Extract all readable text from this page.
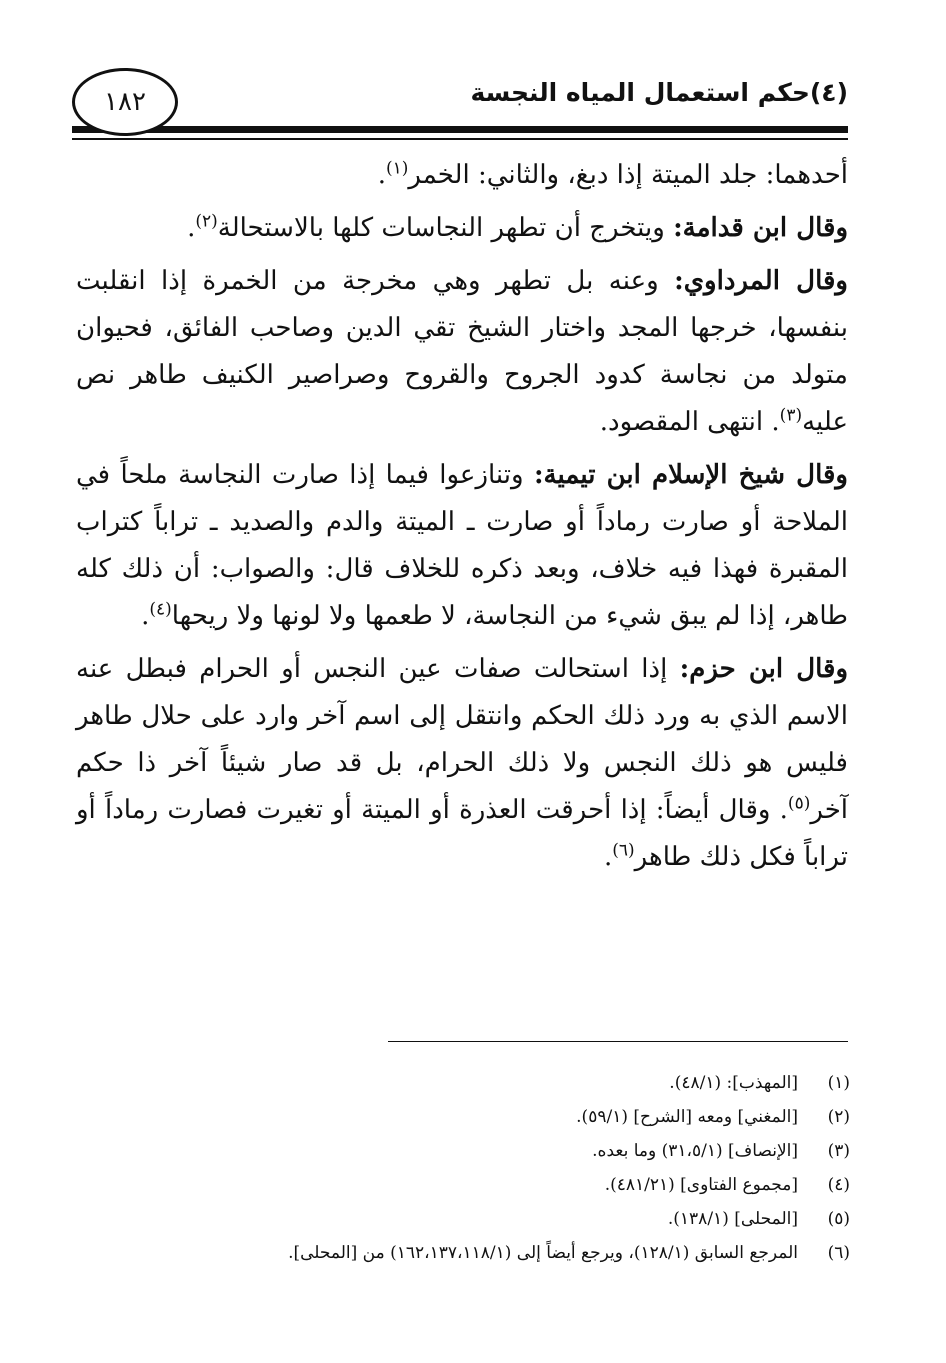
(٤)حكم استعمال المياه النجسة
١٨٢

أحدهما: جلد الميتة إذا دبغ، والثاني: الخمر$^{(١)}$.

وقال ابن قدامة: ويتخرج أن تطهر النجاسات كلها بالاستحالة$^{(٢)}$.

وقال المرداوي: وعنه بل تطهر وهي مخرجة من الخمرة إذا انقلبت بنفسها، خرجها المجد واختار الشيخ تقي الدين وصاحب الفائق، فحيوان متولد من نجاسة كدود الجروح والقروح وصراصير الكنيف طاهر نص عليه$^{(٣)}$. انتهى المقصود.

وقال شيخ الإسلام ابن تيمية: وتنازعوا فيما إذا صارت النجاسة ملحاً في الملاحة أو صارت رماداً أو صارت ـ الميتة والدم والصديد ـ تراباً كتراب المقبرة فهذا فيه خلاف، وبعد ذكره للخلاف قال: والصواب: أن ذلك كله طاهر، إذا لم يبق شيء من النجاسة، لا طعمها ولا لونها ولا ريحها$^{(٤)}$.

وقال ابن حزم: إذا استحالت صفات عين النجس أو الحرام فبطل عنه الاسم الذي به ورد ذلك الحكم وانتقل إلى اسم آخر وارد على حلال طاهر فليس هو ذلك النجس ولا ذلك الحرام، بل قد صار شيئاً آخر ذا حكم آخر$^{(٥)}$. وقال أيضاً: إذا أحرقت العذرة أو الميتة أو تغيرت فصارت رماداً أو تراباً فكل ذلك طاهر$^{(٦)}$.

(١)
[المهذب]: (٤٨/١).
(٢)
[المغني] ومعه [الشرح] (٥٩/١).
(٣)
[الإنصاف] (٣١،٥/١) وما بعده.
(٤)
[مجموع الفتاوى] (٤٨١/٢١).
(٥)
[المحلى] (١٣٨/١).
(٦)
المرجع السابق (١٢٨/١)، ويرجع أيضاً إلى (١٦٢،١٣٧،١١٨/١) من [المحلى].
